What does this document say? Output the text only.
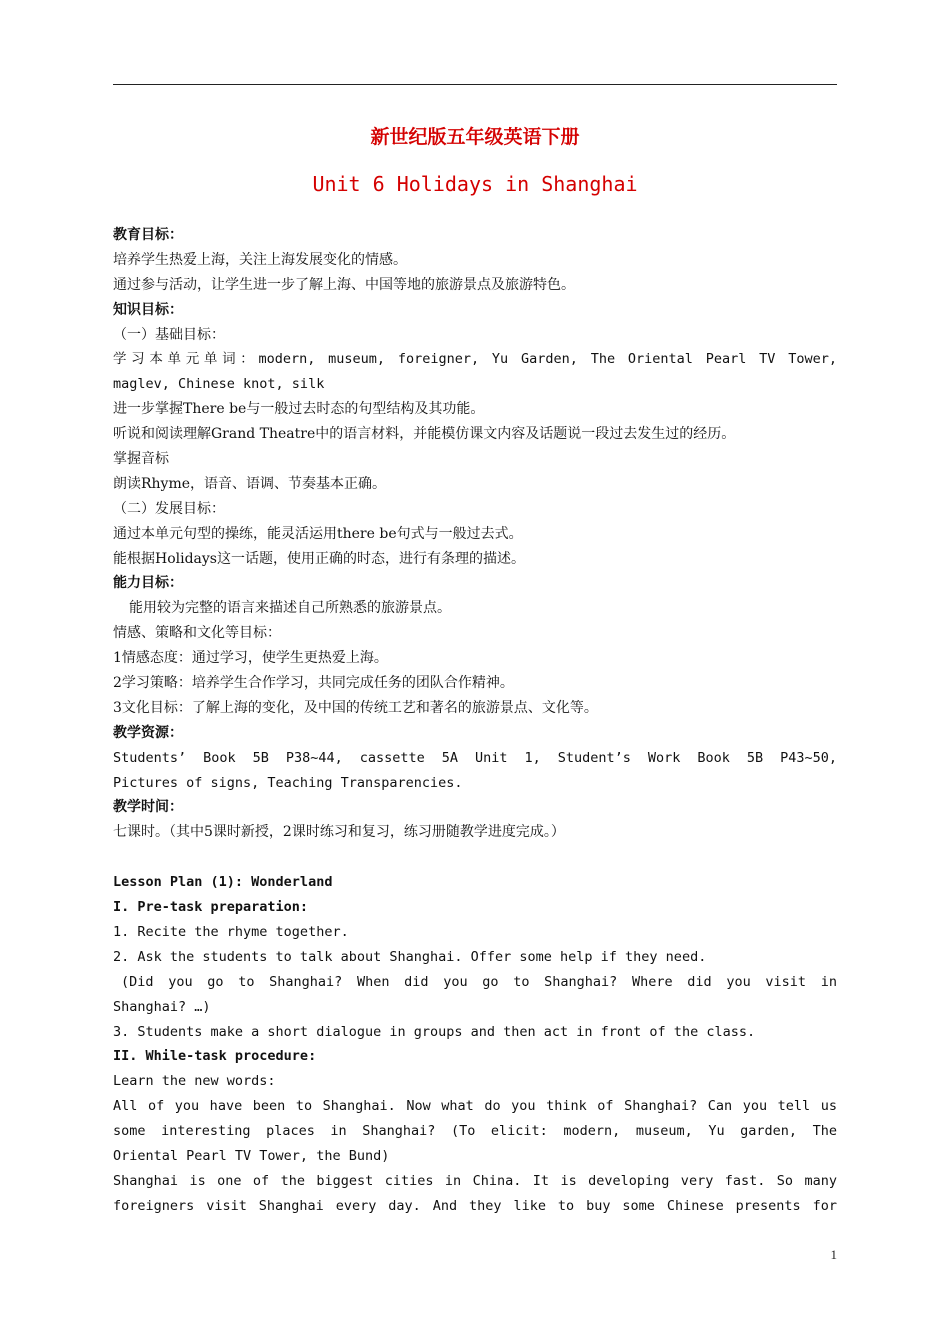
新世纪版五年级英语下册
Unit 6 Holidays in Shanghai
教育目标：
培养学生热爱上海，关注上海发展变化的情感。
通过参与活动，让学生进一步了解上海、中国等地的旅游景点及旅游特色。
知识目标：
（一）基础目标：
学习本单元单词：modern, museum, foreigner, Yu Garden, The Oriental Pearl TV Tower,
maglev, Chinese knot, silk
进一步掌握There be与一般过去时态的句型结构及其功能。
听说和阅读理解Grand Theatre中的语言材料，并能模仿课文内容及话题说一段过去发生过的经历。
掌握音标
朗读Rhyme，语音、语调、节奏基本正确。
（二）发展目标：
通过本单元句型的操练，能灵活运用there be句式与一般过去式。
能根据Holidays这一话题，使用正确的时态，进行有条理的描述。
能力目标：
能用较为完整的语言来描述自己所熟悉的旅游景点。
情感、策略和文化等目标：
1情感态度：通过学习，使学生更热爱上海。
2学习策略：培养学生合作学习，共同完成任务的团队合作精神。
3文化目标：了解上海的变化，及中国的传统工艺和著名的旅游景点、文化等。
教学资源：
Students’ Book 5B P38~44, cassette 5A Unit 1, Student’s Work Book 5B P43~50,
Pictures of signs, Teaching Transparencies.
教学时间：
七课时。（其中5课时新授，2课时练习和复习，练习册随教学进度完成。）
Lesson Plan (1): Wonderland
I. Pre-task preparation:
1. Recite the rhyme together.
2. Ask the students to talk about Shanghai. Offer some help if they need.
(Did you go to Shanghai? When did you go to Shanghai? Where did you visit in
Shanghai? …)
3. Students make a short dialogue in groups and then act in front of the class.
II. While-task procedure:
Learn the new words:
All of you have been to Shanghai. Now what do you think of Shanghai? Can you tell us
some interesting places in Shanghai? (To elicit: modern, museum, Yu garden, The
Oriental Pearl TV Tower, the Bund)
Shanghai is one of the biggest cities in China. It is developing very fast. So many
foreigners visit Shanghai every day. And they like to buy some Chinese presents for
1
